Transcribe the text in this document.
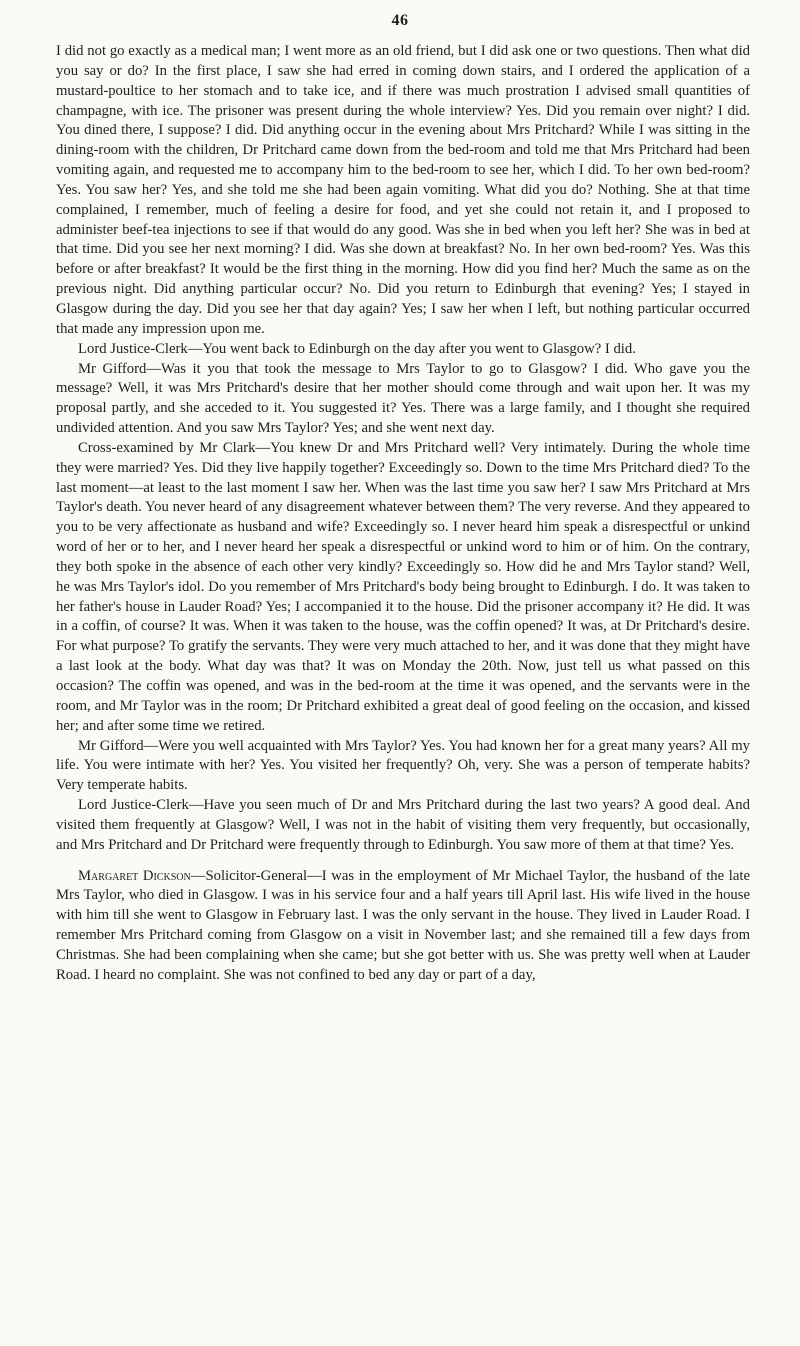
46

I did not go exactly as a medical man; I went more as an old friend, but I did ask one or two questions. Then what did you say or do? In the first place, I saw she had erred in coming down stairs, and I ordered the application of a mustard-poultice to her stomach and to take ice, and if there was much prostration I advised small quantities of champagne, with ice. The prisoner was present during the whole interview? Yes. Did you remain over night? I did. You dined there, I suppose? I did. Did anything occur in the evening about Mrs Pritchard? While I was sitting in the dining-room with the children, Dr Pritchard came down from the bed-room and told me that Mrs Pritchard had been vomiting again, and requested me to accompany him to the bed-room to see her, which I did. To her own bed-room? Yes. You saw her? Yes, and she told me she had been again vomiting. What did you do? Nothing. She at that time complained, I remember, much of feeling a desire for food, and yet she could not retain it, and I proposed to administer beef-tea injections to see if that would do any good. Was she in bed when you left her? She was in bed at that time. Did you see her next morning? I did. Was she down at breakfast? No. In her own bed-room? Yes. Was this before or after breakfast? It would be the first thing in the morning. How did you find her? Much the same as on the previous night. Did anything particular occur? No. Did you return to Edinburgh that evening? Yes; I stayed in Glasgow during the day. Did you see her that day again? Yes; I saw her when I left, but nothing particular occurred that made any impression upon me.

Lord Justice-Clerk—You went back to Edinburgh on the day after you went to Glasgow? I did.

Mr Gifford—Was it you that took the message to Mrs Taylor to go to Glasgow? I did. Who gave you the message? Well, it was Mrs Pritchard's desire that her mother should come through and wait upon her. It was my proposal partly, and she acceded to it. You suggested it? Yes. There was a large family, and I thought she required undivided attention. And you saw Mrs Taylor? Yes; and she went next day.

Cross-examined by Mr Clark—You knew Dr and Mrs Pritchard well? Very intimately. During the whole time they were married? Yes. Did they live happily together? Exceedingly so. Down to the time Mrs Pritchard died? To the last moment—at least to the last moment I saw her. When was the last time you saw her? I saw Mrs Pritchard at Mrs Taylor's death. You never heard of any disagreement whatever between them? The very reverse. And they appeared to you to be very affectionate as husband and wife? Exceedingly so. I never heard him speak a disrespectful or unkind word of her or to her, and I never heard her speak a disrespectful or unkind word to him or of him. On the contrary, they both spoke in the absence of each other very kindly? Exceedingly so. How did he and Mrs Taylor stand? Well, he was Mrs Taylor's idol. Do you remember of Mrs Pritchard's body being brought to Edinburgh. I do. It was taken to her father's house in Lauder Road? Yes; I accompanied it to the house. Did the prisoner accompany it? He did. It was in a coffin, of course? It was. When it was taken to the house, was the coffin opened? It was, at Dr Pritchard's desire. For what purpose? To gratify the servants. They were very much attached to her, and it was done that they might have a last look at the body. What day was that? It was on Monday the 20th. Now, just tell us what passed on this occasion? The coffin was opened, and was in the bed-room at the time it was opened, and the servants were in the room, and Mr Taylor was in the room; Dr Pritchard exhibited a great deal of good feeling on the occasion, and kissed her; and after some time we retired.

Mr Gifford—Were you well acquainted with Mrs Taylor? Yes. You had known her for a great many years? All my life. You were intimate with her? Yes. You visited her frequently? Oh, very. She was a person of temperate habits? Very temperate habits.

Lord Justice-Clerk—Have you seen much of Dr and Mrs Pritchard during the last two years? A good deal. And visited them frequently at Glasgow? Well, I was not in the habit of visiting them very frequently, but occasionally, and Mrs Pritchard and Dr Pritchard were frequently through to Edinburgh. You saw more of them at that time? Yes.

Margaret Dickson—Solicitor-General—I was in the employment of Mr Michael Taylor, the husband of the late Mrs Taylor, who died in Glasgow. I was in his service four and a half years till April last. His wife lived in the house with him till she went to Glasgow in February last. I was the only servant in the house. They lived in Lauder Road. I remember Mrs Pritchard coming from Glasgow on a visit in November last; and she remained till a few days from Christmas. She had been complaining when she came; but she got better with us. She was pretty well when at Lauder Road. I heard no complaint. She was not confined to bed any day or part of a day,
